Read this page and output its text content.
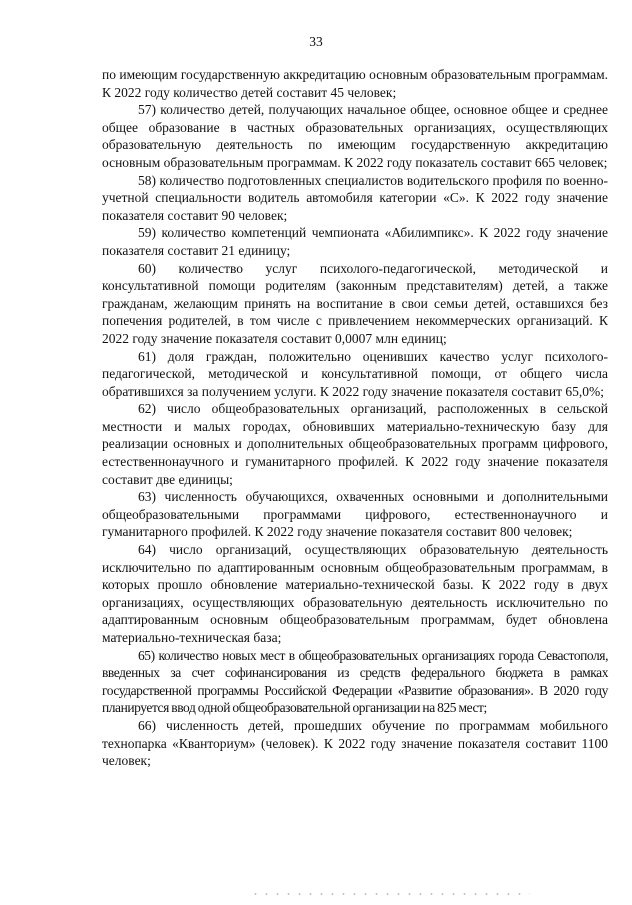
33

по имеющим государственную аккредитацию основным образовательным программам. К 2022 году количество детей составит 45 человек;

57) количество детей, получающих начальное общее, основное общее и среднее общее образование в частных образовательных организациях, осуществляющих образовательную деятельность по имеющим государственную аккредитацию основным образовательным программам. К 2022 году показатель составит 665 человек;

58) количество подготовленных специалистов водительского профиля по военно-учетной специальности водитель автомобиля категории «С». К 2022 году значение показателя составит 90 человек;

59) количество компетенций чемпионата «Абилимпикс». К 2022 году значение показателя составит 21 единицу;

60) количество услуг психолого-педагогической, методической и консультативной помощи родителям (законным представителям) детей, а также гражданам, желающим принять на воспитание в свои семьи детей, оставшихся без попечения родителей, в том числе с привлечением некоммерческих организаций. К 2022 году значение показателя составит 0,0007 млн единиц;

61) доля граждан, положительно оценивших качество услуг психолого-педагогической, методической и консультативной помощи, от общего числа обратившихся за получением услуги. К 2022 году значение показателя составит 65,0%;

62) число общеобразовательных организаций, расположенных в сельской местности и малых городах, обновивших материально-техническую базу для реализации основных и дополнительных общеобразовательных программ цифрового, естественнонаучного и гуманитарного профилей. К 2022 году значение показателя составит две единицы;

63) численность обучающихся, охваченных основными и дополнительными общеобразовательными программами цифрового, естественнонаучного и гуманитарного профилей. К 2022 году значение показателя составит 800 человек;

64) число организаций, осуществляющих образовательную деятельность исключительно по адаптированным основным общеобразовательным программам, в которых прошло обновление материально-технической базы. К 2022 году в двух организациях, осуществляющих образовательную деятельность исключительно по адаптированным основным общеобразовательным программам, будет обновлена материально-техническая база;

65) количество новых мест в общеобразовательных организациях города Севастополя, введенных за счет софинансирования из средств федерального бюджета в рамках государственной программы Российской Федерации «Развитие образования». В 2020 году планируется ввод одной общеобразовательной организации на 825 мест;

66) численность детей, прошедших обучение по программам мобильного технопарка «Кванториум» (человек). К 2022 году значение показателя составит 1100 человек;
